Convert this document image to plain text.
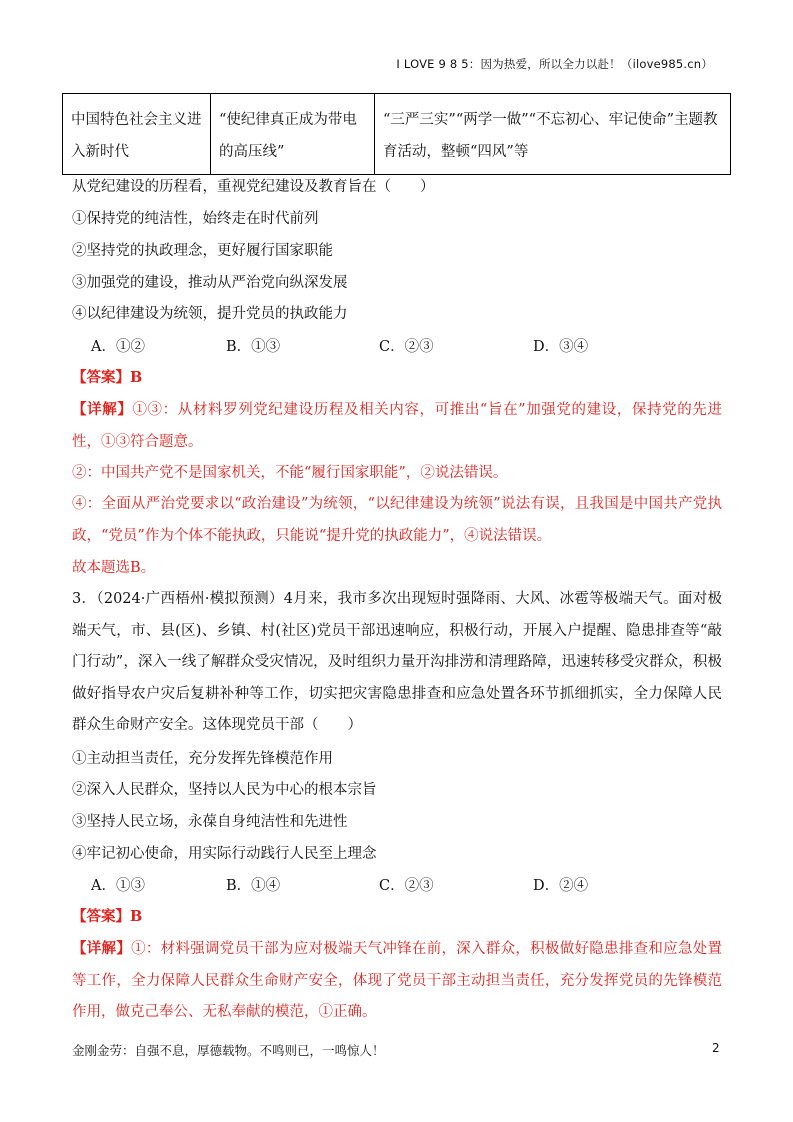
I LOVE 9 8 5：因为热爱，所以全力以赴！（ilove985.cn）
中国特色社会主义进入新时代	“使纪律真正成为带电的高压线”	“三严三实”“两学一做”“不忘初心、牢记使命”主题教育活动，整顿“四风”等
从党纪建设的历程看，重视党纪建设及教育旨在（　　）
①保持党的纯洁性，始终走在时代前列
②坚持党的执政理念，更好履行国家职能
③加强党的建设，推动从严治党向纵深发展
④以纪律建设为统领，提升党员的执政能力
A．①②	B．①③	C．②③	D．③④
【答案】B
【详解】①③：从材料罗列党纪建设历程及相关内容，可推出“旨在”加强党的建设，保持党的先进性，①③符合题意。
②：中国共产党不是国家机关，不能“履行国家职能”，②说法错误。
④：全面从严治党要求以“政治建设”为统领，“以纪律建设为统领”说法有误，且我国是中国共产党执政，“党员”作为个体不能执政，只能说“提升党的执政能力”，④说法错误。
故本题选B。
3．（2024·广西梧州·模拟预测）4月来，我市多次出现短时强降雨、大风、冰雹等极端天气。面对极端天气，市、县(区)、乡镇、村(社区)党员干部迅速响应，积极行动，开展入户提醒、隐患排查等“敲门行动”，深入一线了解群众受灾情况，及时组织力量开沟排涝和清理路障，迅速转移受灾群众，积极做好指导农户灾后复耕补种等工作，切实把灾害隐患排查和应急处置各环节抓细抓实，全力保障人民群众生命财产安全。这体现党员干部（　　）
①主动担当责任，充分发挥先锋模范作用
②深入人民群众，坚持以人民为中心的根本宗旨
③坚持人民立场，永葆自身纯洁性和先进性
④牢记初心使命，用实际行动践行人民至上理念
A．①③	B．①④	C．②③	D．②④
【答案】B
【详解】①：材料强调党员干部为应对极端天气冲锋在前，深入群众，积极做好隐患排查和应急处置等工作，全力保障人民群众生命财产安全，体现了党员干部主动担当责任，充分发挥党员的先锋模范作用，做克己奉公、无私奉献的模范，①正确。
金刚金劳：自强不息，厚德载物。不鸣则已，一鸣惊人！	2
